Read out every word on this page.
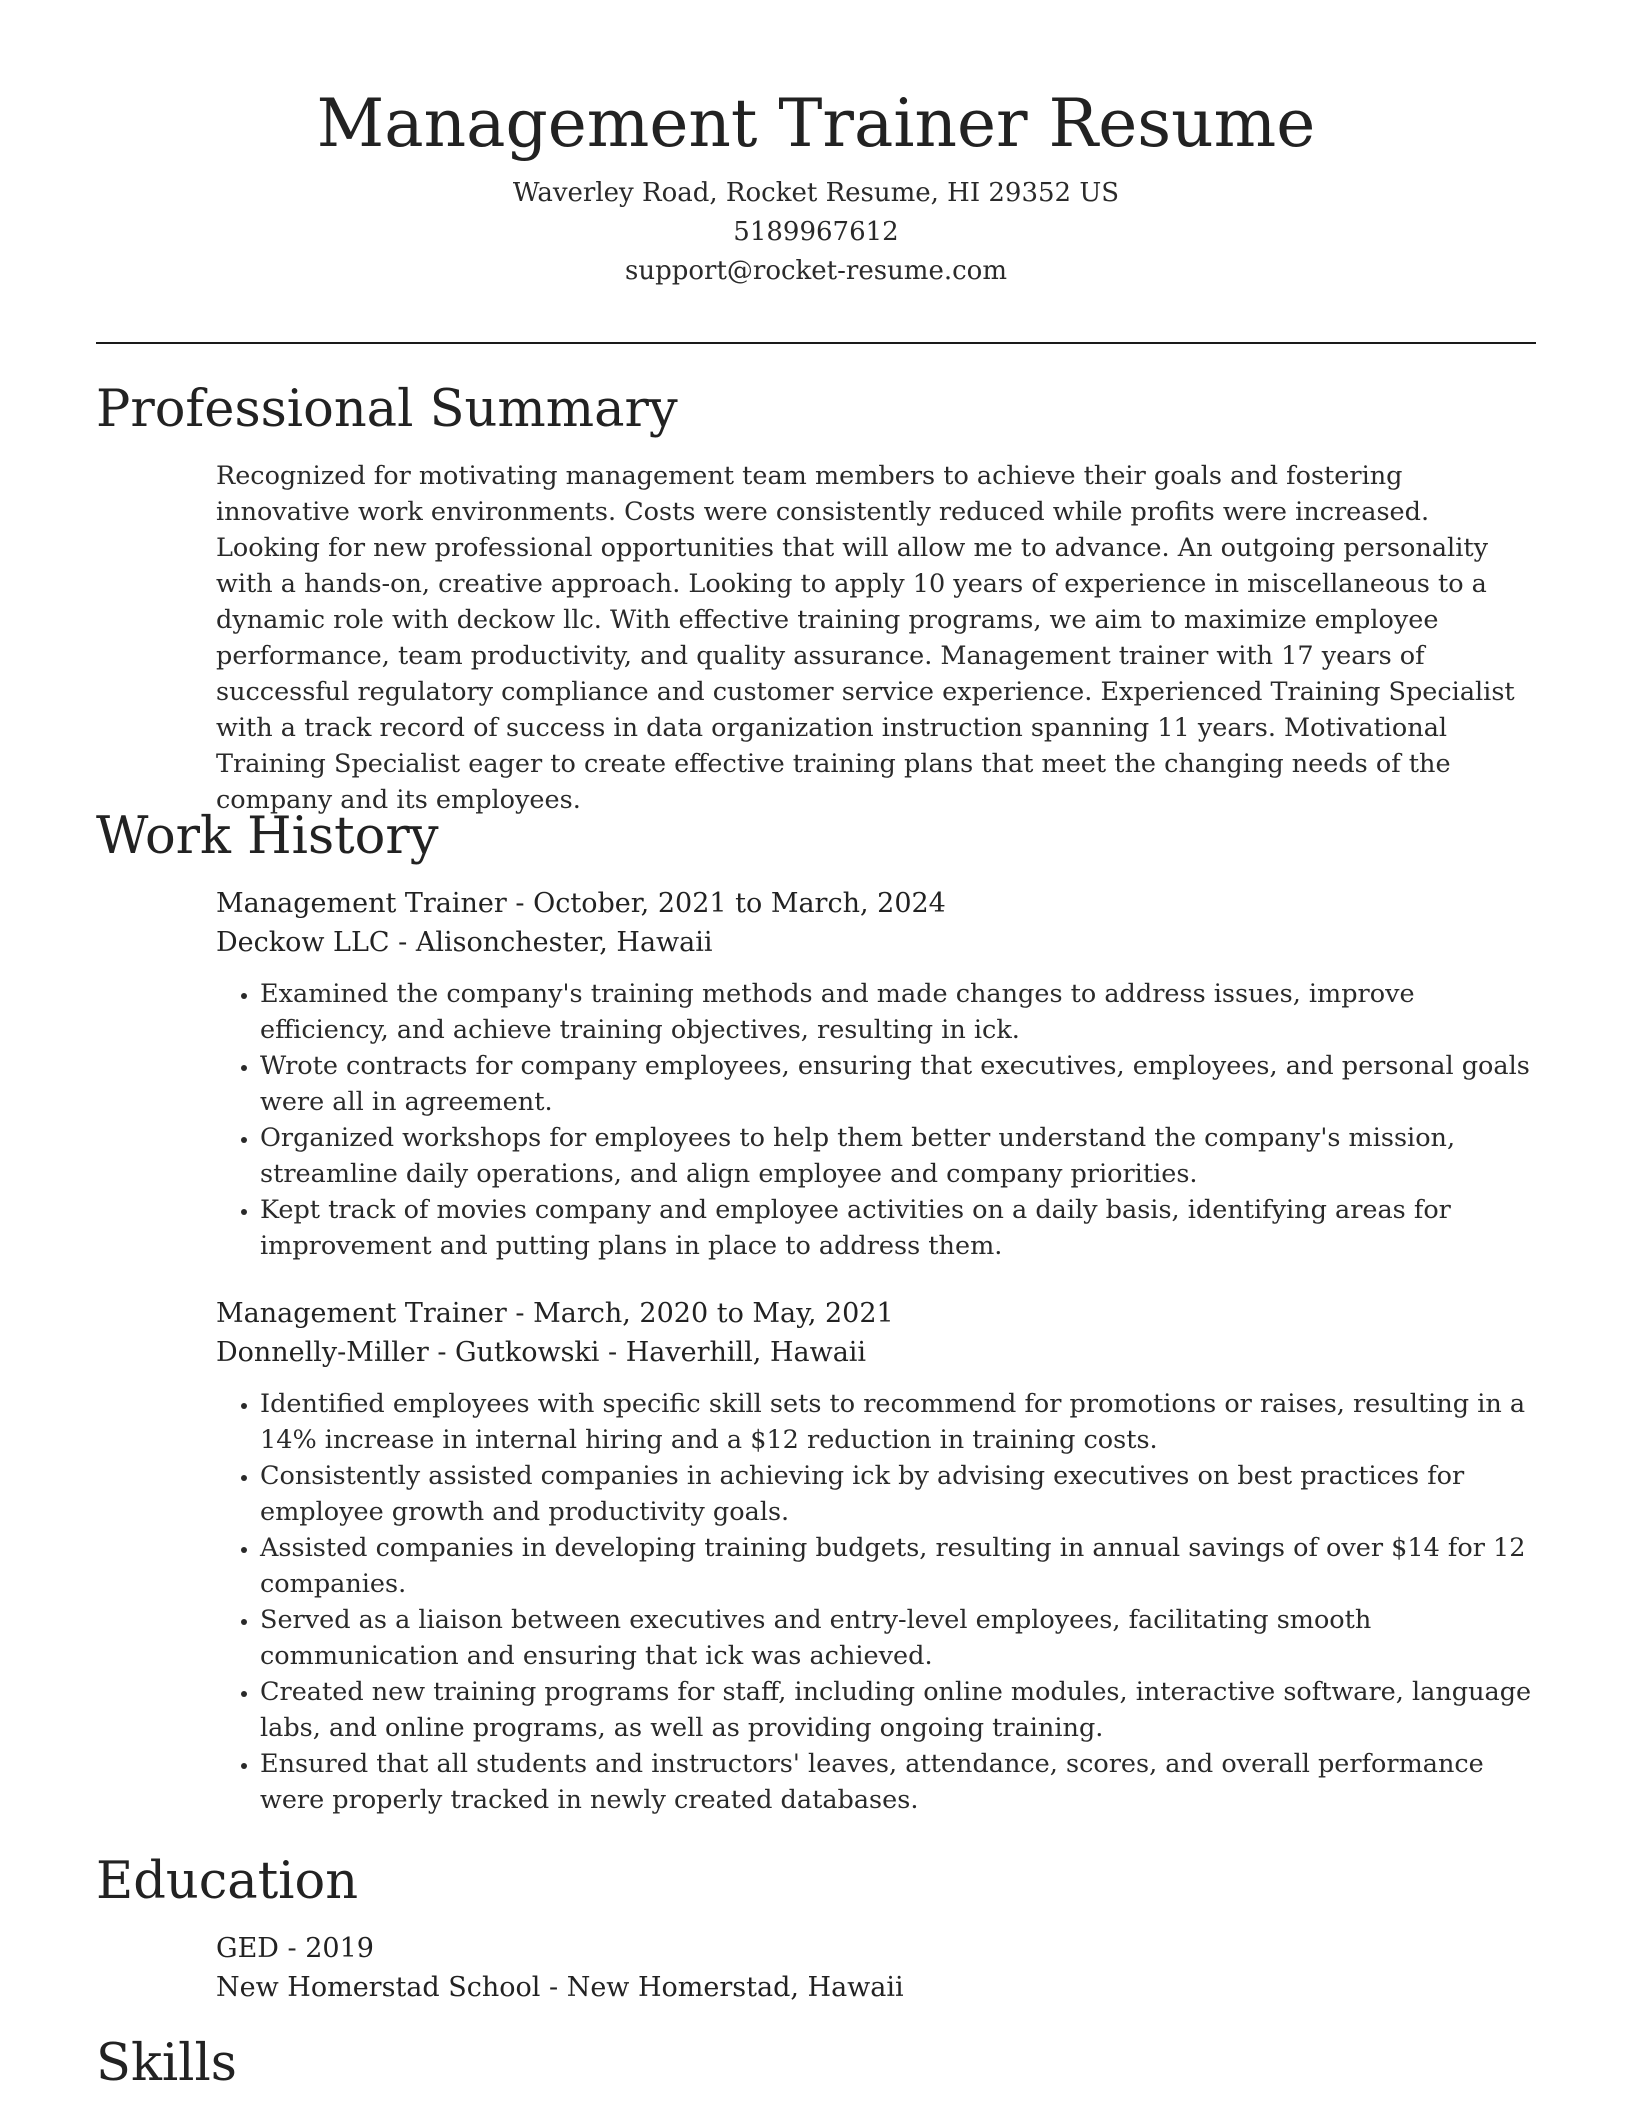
Management Trainer Resume
Waverley Road, Rocket Resume, HI 29352 US
5189967612
support@rocket-resume.com
Professional Summary

Recognized for motivating management team members to achieve their goals and fostering innovative work environments. Costs were consistently reduced while profits were increased. Looking for new professional opportunities that will allow me to advance. An outgoing personality with a hands-on, creative approach. Looking to apply 10 years of experience in miscellaneous to a dynamic role with deckow llc. With effective training programs, we aim to maximize employee performance, team productivity, and quality assurance. Management trainer with 17 years of successful regulatory compliance and customer service experience. Experienced Training Specialist with a track record of success in data organization instruction spanning 11 years. Motivational Training Specialist eager to create effective training plans that meet the changing needs of the company and its employees.

Work History
Management Trainer - October, 2021 to March, 2024
Deckow LLC - Alisonchester, Hawaii
• Examined the company's training methods and made changes to address issues, improve efficiency, and achieve training objectives, resulting in ick.
• Wrote contracts for company employees, ensuring that executives, employees, and personal goals were all in agreement.
• Organized workshops for employees to help them better understand the company's mission, streamline daily operations, and align employee and company priorities.
• Kept track of movies company and employee activities on a daily basis, identifying areas for improvement and putting plans in place to address them.
Management Trainer - March, 2020 to May, 2021
Donnelly-Miller - Gutkowski - Haverhill, Hawaii
• Identified employees with specific skill sets to recommend for promotions or raises, resulting in a 14% increase in internal hiring and a $12 reduction in training costs.
• Consistently assisted companies in achieving ick by advising executives on best practices for employee growth and productivity goals.
• Assisted companies in developing training budgets, resulting in annual savings of over $14 for 12 companies.
• Served as a liaison between executives and entry-level employees, facilitating smooth communication and ensuring that ick was achieved.
• Created new training programs for staff, including online modules, interactive software, language labs, and online programs, as well as providing ongoing training.
• Ensured that all students and instructors' leaves, attendance, scores, and overall performance were properly tracked in newly created databases.
Education
GED - 2019
New Homerstad School - New Homerstad, Hawaii
Skills
